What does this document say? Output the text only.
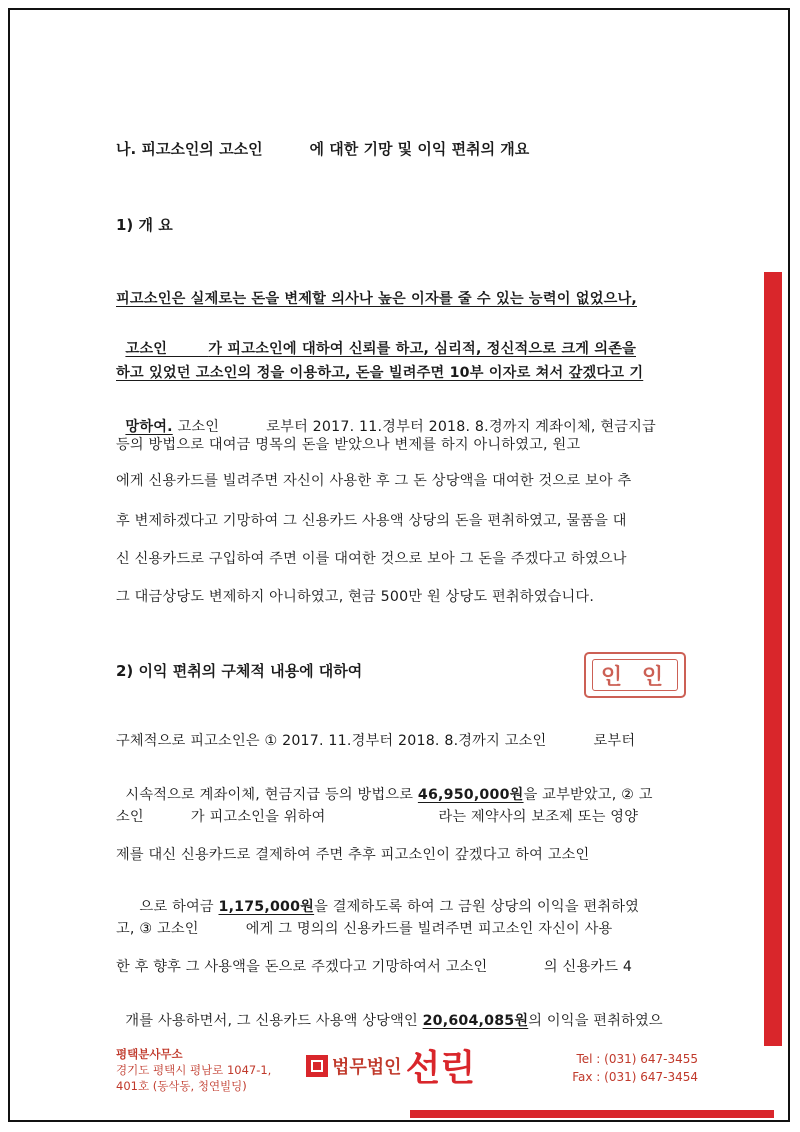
나. 피고소인의 고소인         에 대한 기망 및 이익 편취의 개요
1) 개 요
피고소인은 실제로는 돈을 변제할 의사나 높은 이자를 줄 수 있는 능력이 없었으나,

고소인        가 피고소인에 대하여 신뢰를 하고, 심리적, 정신적으로 크게 의존을

하고 있었던 고소인의 정을 이용하고, 돈을 빌려주면 10부 이자로 쳐서 갚겠다고 기

망하여. 고소인          로부터 2017. 11.경부터 2018. 8.경까지 계좌이체, 현금지급

등의 방법으로 대여금 명목의 돈을 받았으나 변제를 하지 아니하였고, 원고
에게 신용카드를 빌려주면 자신이 사용한 후 그 돈 상당액을 대여한 것으로 보아 추
후 변제하겠다고 기망하여 그 신용카드 사용액 상당의 돈을 편취하였고, 물품을 대
신 신용카드로 구입하여 주면 이를 대여한 것으로 보아 그 돈을 주겠다고 하였으나
그 대금상당도 변제하지 아니하였고, 현금 500만 원 상당도 편취하였습니다.
2) 이익 편취의 구체적 내용에 대하여	인 인
구체적으로 피고소인은 ① 2017. 11.경부터 2018. 8.경까지 고소인          로부터

시속적으로 계좌이체, 현금지급 등의 방법으로 46,950,000원을 교부받았고, ② 고

소인          가 피고소인을 위하여                        라는 제약사의 보조제 또는 영양
제를 대신 신용카드로 결제하여 주면 추후 피고소인이 갚겠다고 하여 고소인

으로 하여금 1,175,000원을 결제하도록 하여 그 금원 상당의 이익을 편취하였

고, ③ 고소인          에게 그 명의의 신용카드를 빌려주면 피고소인 자신이 사용
한 후 향후 그 사용액을 돈으로 주겠다고 기망하여서 고소인            의 신용카드 4

개를 사용하면서, 그 신용카드 사용액 상당액인 20,604,085원의 이익을 편취하였으

평택분사무소
경기도 평택시 평남로 1047-1,
401호 (동삭동, 청연빌딩)
법무법인 선린	Tel : (031) 647-3455
Fax : (031) 647-3454
